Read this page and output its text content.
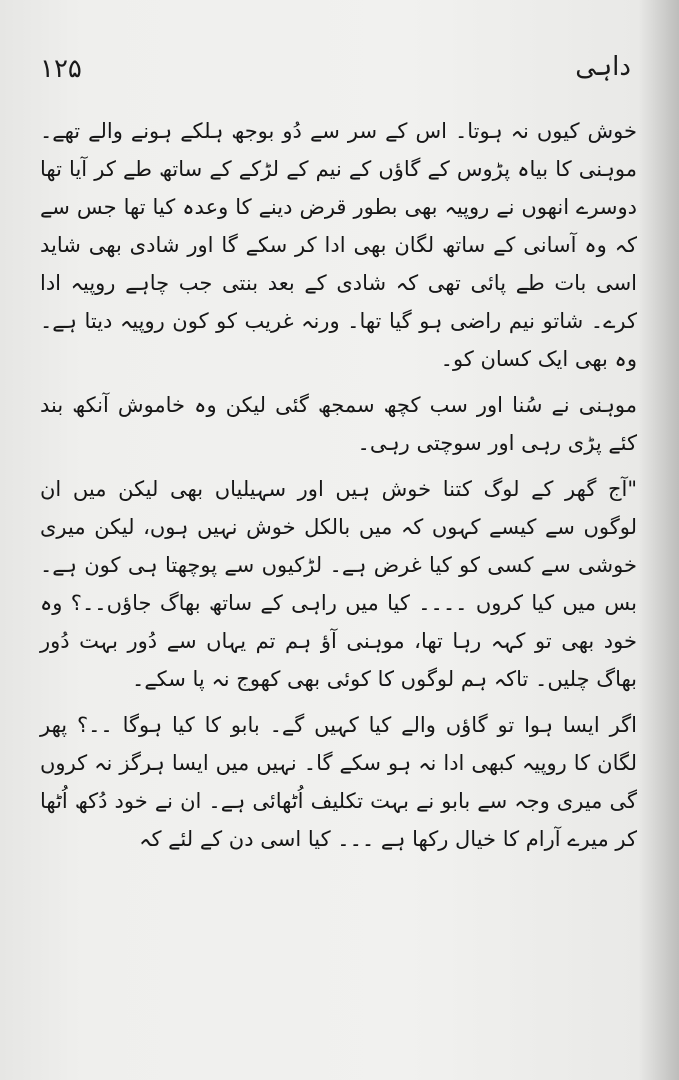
۱۲۵	داہی

خوش کیوں نہ ہوتا۔ اس کے سر سے دُو بوجھ ہلکے ہونے والے تھے۔ موہنی کا بیاہ پڑوس کے گاؤں کے نیم کے لڑکے کے ساتھ طے کر آیا تھا دوسرے انھوں نے روپیہ بھی بطور قرض دینے کا وعدہ کیا تھا جس سے کہ وہ آسانی کے ساتھ لگان بھی ادا کر سکے گا اور شادی بھی شاید اسی بات طے پائی تھی کہ شادی کے بعد بنتی جب چاہے روپیہ ادا کرے۔ شاتو نیم راضی ہو گیا تھا۔ ورنہ غریب کو کون روپیہ دیتا ہے۔ وہ بھی ایک کسان کو۔

موہنی نے سُنا اور سب کچھ سمجھ گئی لیکن وہ خاموش آنکھ بند کئے پڑی رہی اور سوچتی رہی۔

"آج گھر کے لوگ کتنا خوش ہیں اور سہیلیاں بھی لیکن میں ان لوگوں سے کیسے کہوں کہ میں بالکل خوش نہیں ہوں، لیکن میری خوشی سے کسی کو کیا غرض ہے۔ لڑکیوں سے پوچھتا ہی کون ہے۔ بس میں کیا کروں ۔۔۔۔ کیا میں راہی کے ساتھ بھاگ جاؤں۔۔؟ وہ خود بھی تو کہہ رہا تھا، موہنی آؤ ہم تم یہاں سے دُور بہت دُور بھاگ چلیں۔ تاکہ ہم لوگوں کا کوئی بھی کھوج نہ پا سکے۔

اگر ایسا ہوا تو گاؤں والے کیا کہیں گے۔ بابو کا کیا ہوگا ۔۔؟ پھر لگان کا روپیہ کبھی ادا نہ ہو سکے گا۔ نہیں میں ایسا ہرگز نہ کروں گی میری وجہ سے بابو نے بہت تکلیف اُٹھائی ہے۔ ان نے خود دُکھ اُٹھا کر میرے آرام کا خیال رکھا ہے ۔۔۔ کیا اسی دن کے لئے کہ
